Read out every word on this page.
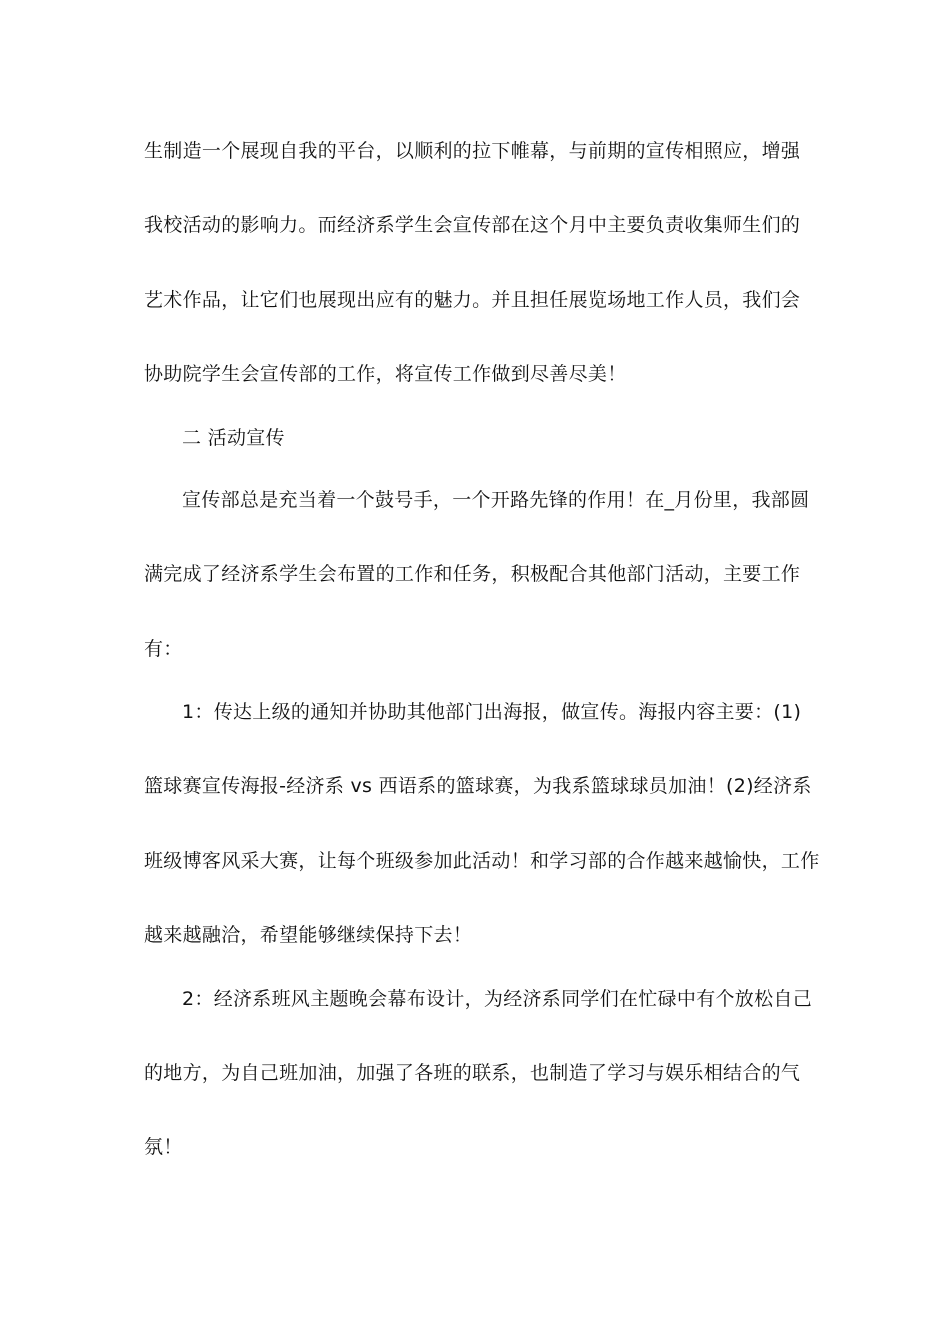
生制造一个展现自我的平台，以顺利的拉下帷幕，与前期的宣传相照应，增强
我校活动的影响力。而经济系学生会宣传部在这个月中主要负责收集师生们的
艺术作品，让它们也展现出应有的魅力。并且担任展览场地工作人员，我们会
协助院学生会宣传部的工作，将宣传工作做到尽善尽美！
二 活动宣传
宣传部总是充当着一个鼓号手，一个开路先锋的作用！在_月份里，我部圆
满完成了经济系学生会布置的工作和任务，积极配合其他部门活动，主要工作
有：
1：传达上级的通知并协助其他部门出海报，做宣传。海报内容主要：(1)
篮球赛宣传海报-经济系 vs 西语系的篮球赛，为我系篮球球员加油！(2)经济系
班级博客风采大赛，让每个班级参加此活动！和学习部的合作越来越愉快，工作
越来越融洽，希望能够继续保持下去！
2：经济系班风主题晚会幕布设计，为经济系同学们在忙碌中有个放松自己
的地方，为自己班加油，加强了各班的联系，也制造了学习与娱乐相结合的气
氛！
